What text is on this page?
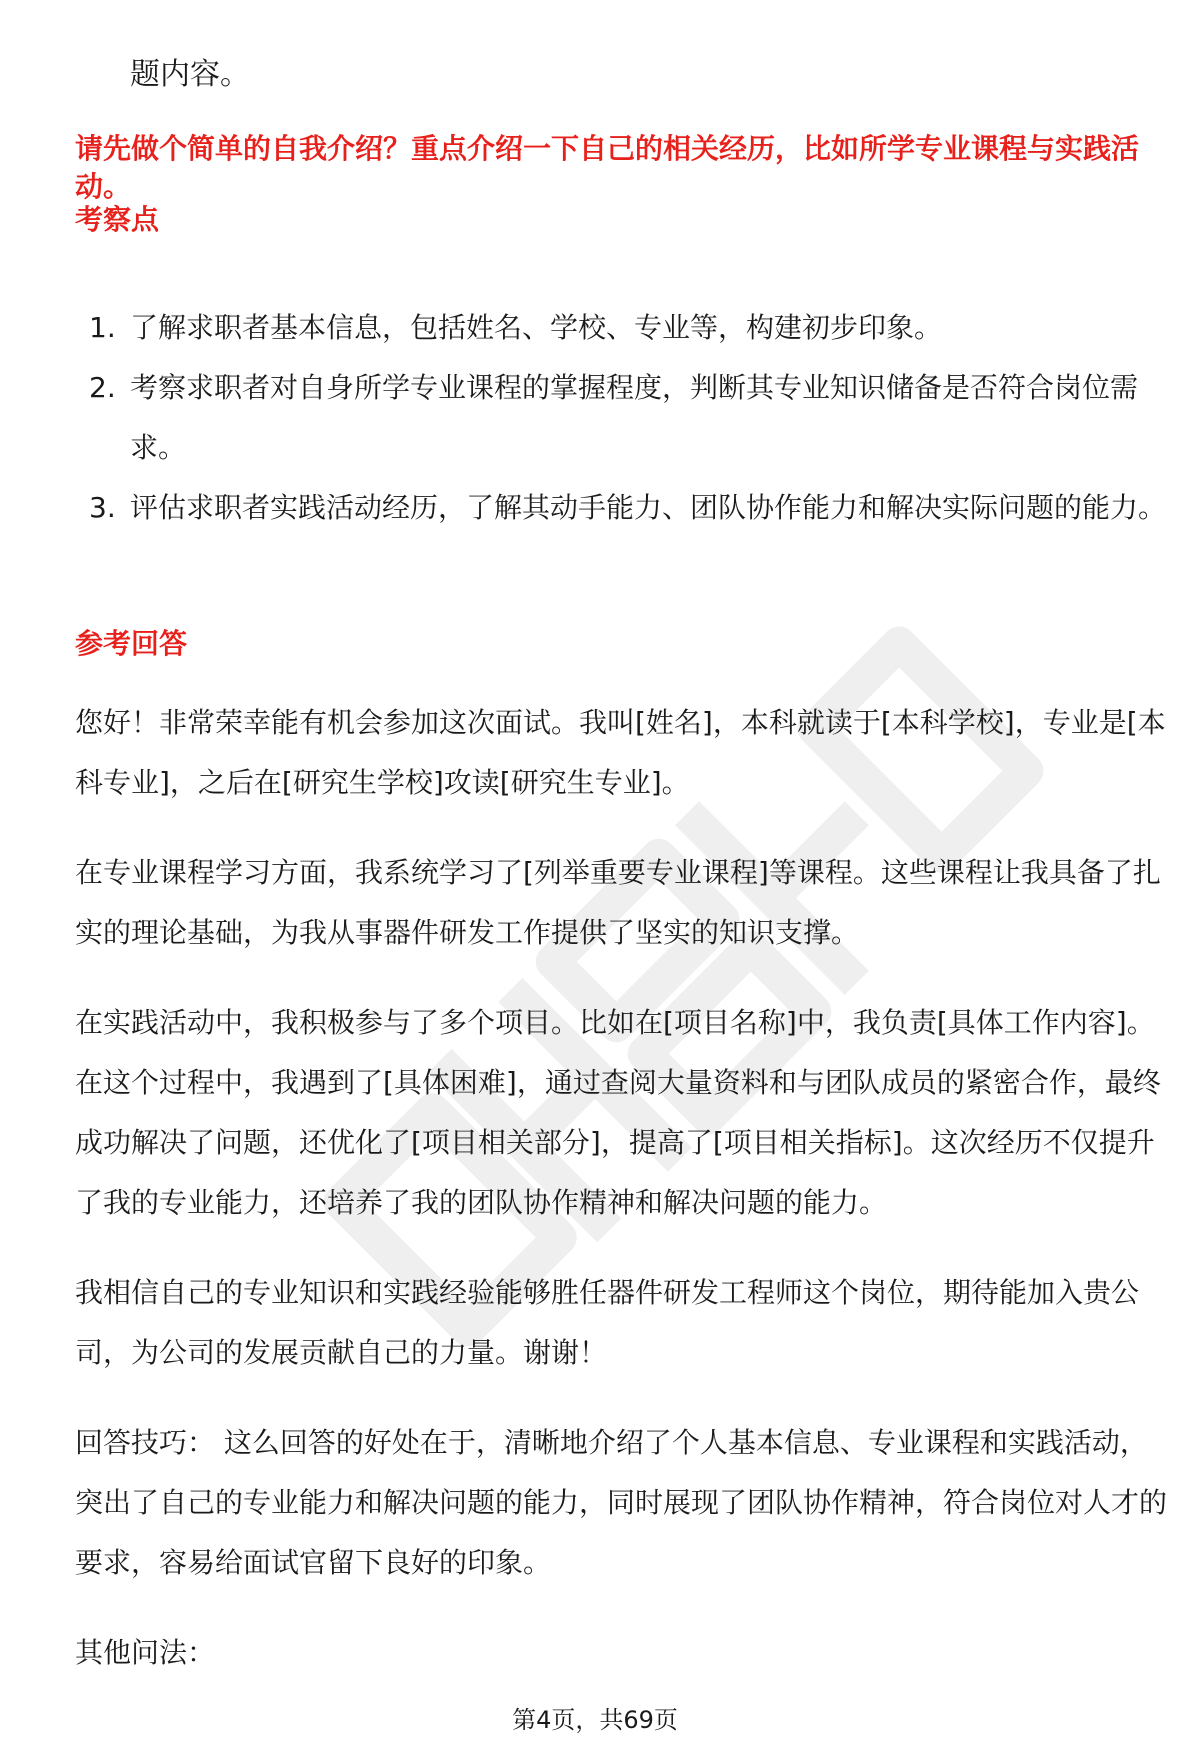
题内容。
请先做个简单的自我介绍？重点介绍一下自己的相关经历，比如所学专业课程与实践活动。
考察点
1. 了解求职者基本信息，包括姓名、学校、专业等，构建初步印象。
2. 考察求职者对自身所学专业课程的掌握程度，判断其专业知识储备是否符合岗位需求。
3. 评估求职者实践活动经历，了解其动手能力、团队协作能力和解决实际问题的能力。
参考回答

您好！非常荣幸能有机会参加这次面试。我叫[姓名]，本科就读于[本科学校]，专业是[本科专业]，之后在[研究生学校]攻读[研究生专业]。

在专业课程学习方面，我系统学习了[列举重要专业课程]等课程。这些课程让我具备了扎实的理论基础，为我从事器件研发工作提供了坚实的知识支撑。

在实践活动中，我积极参与了多个项目。比如在[项目名称]中，我负责[具体工作内容]。在这个过程中，我遇到了[具体困难]，通过查阅大量资料和与团队成员的紧密合作，最终成功解决了问题，还优化了[项目相关部分]，提高了[项目相关指标]。这次经历不仅提升了我的专业能力，还培养了我的团队协作精神和解决问题的能力。

我相信自己的专业知识和实践经验能够胜任器件研发工程师这个岗位，期待能加入贵公司，为公司的发展贡献自己的力量。谢谢！

回答技巧： 这么回答的好处在于，清晰地介绍了个人基本信息、专业课程和实践活动，突出了自己的专业能力和解决问题的能力，同时展现了团队协作精神，符合岗位对人才的要求，容易给面试官留下良好的印象。

其他问法：

第4页，共69页
